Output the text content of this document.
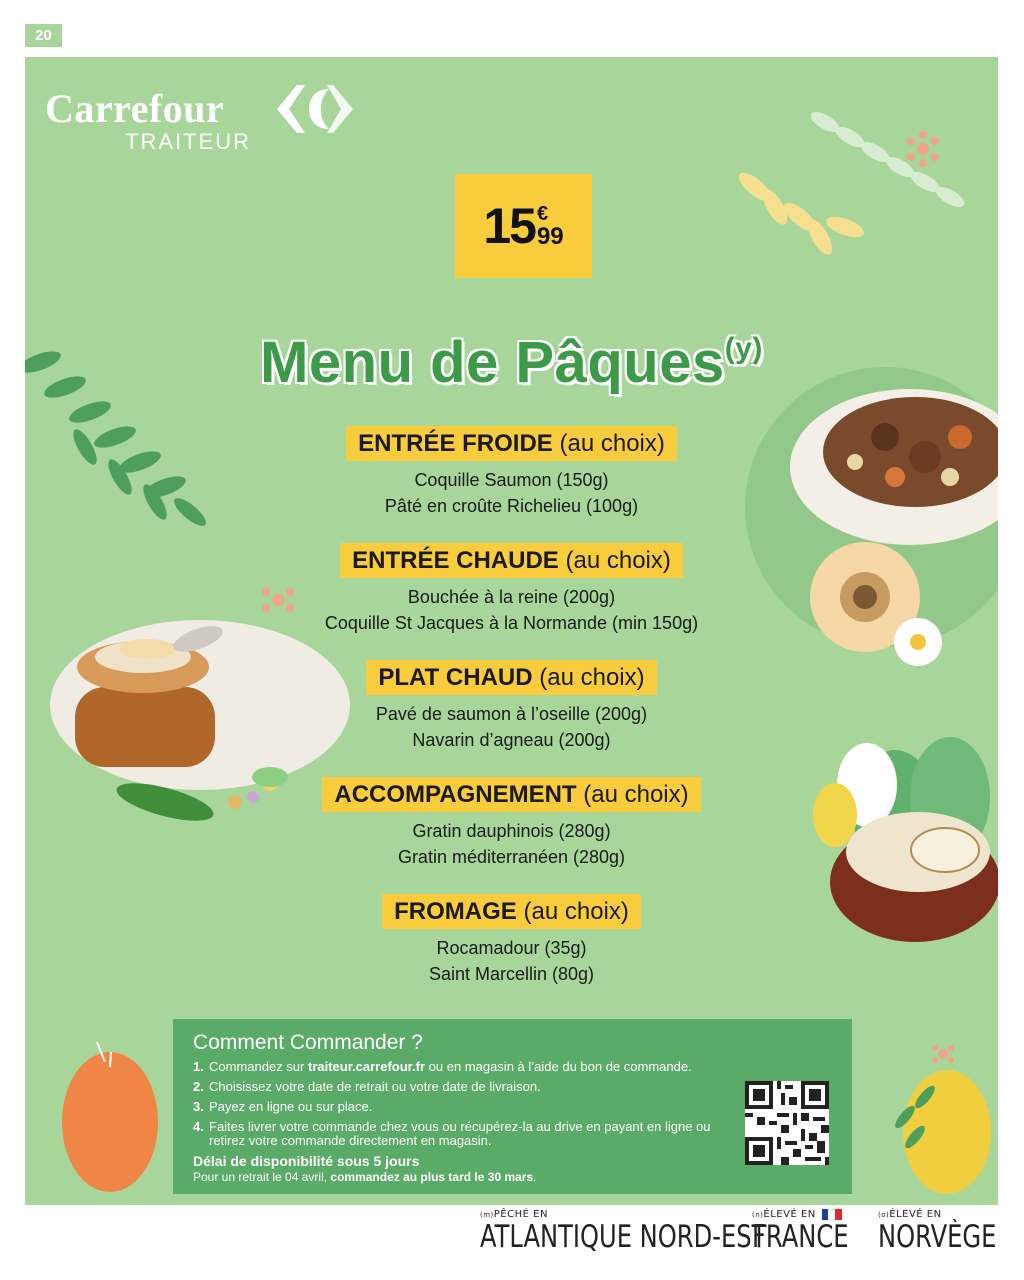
20
Carrefour
TRAITEUR
15 €
99
Menu de Pâques$^{(y)}$
ENTRÉE FROIDE (au choix)
Coquille Saumon (150g)
Pâté en croûte Richelieu (100g)
ENTRÉE CHAUDE (au choix)
Bouchée à la reine (200g)
Coquille St Jacques à la Normande (min 150g)
PLAT CHAUD (au choix)
Pavé de saumon à l’oseille (200g)
Navarin d’agneau (200g)
ACCOMPAGNEMENT (au choix)
Gratin dauphinois (280g)
Gratin méditerranéen (280g)
FROMAGE (au choix)
Rocamadour (35g)
Saint Marcellin (80g)
Comment Commander ?
1. Commandez sur traiteur.carrefour.fr ou en magasin à l’aide du bon de commande.
2. Choisissez votre date de retrait ou votre date de livraison.
3. Payez en ligne ou sur place.
4. Faites livrer votre commande chez vous ou récupérez-la au drive en payant en ligne ou retirez votre commande directement en magasin.
Délai de disponibilité sous 5 jours
Pour un retrait le 04 avril, commandez au plus tard le 30 mars.
(m) PÊCHÉ EN
ATLANTIQUE NORD-EST
(n) ÉLEVÉ EN
FRANCE
(o) ÉLEVÉ EN
NORVÈGE
